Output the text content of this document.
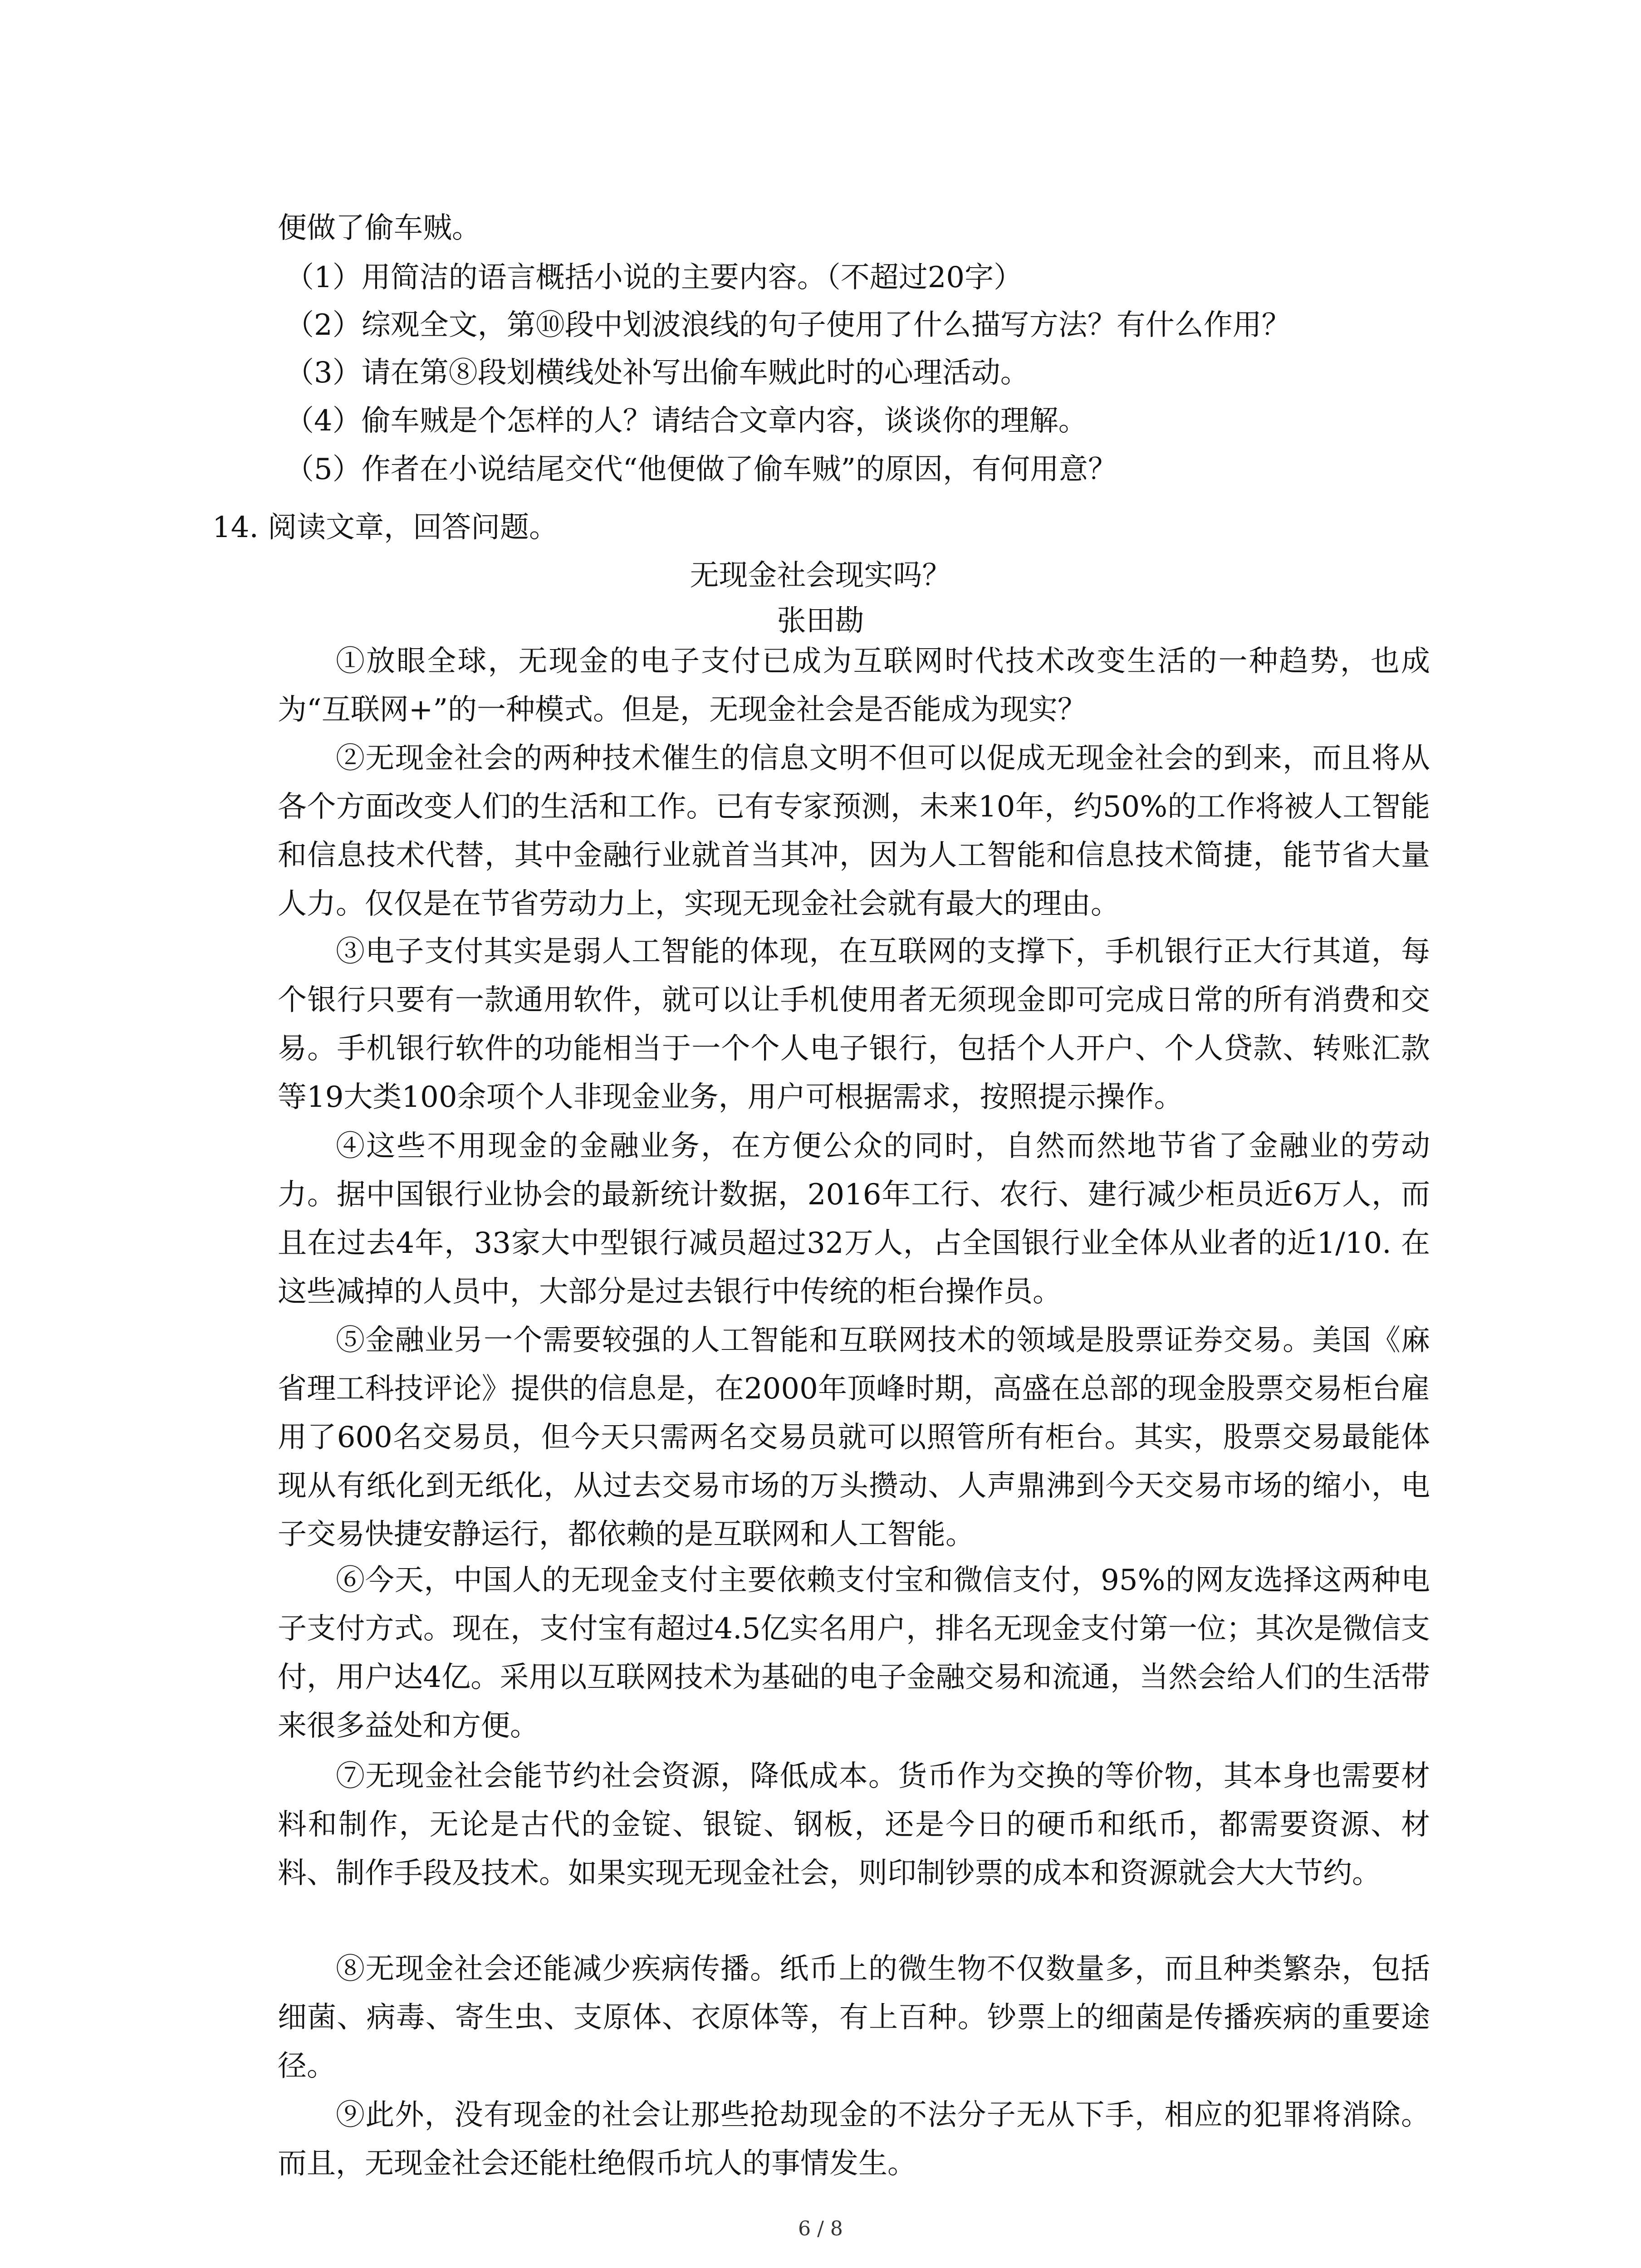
便做了偷车贼。
（1）用简洁的语言概括小说的主要内容。（不超过20字）
（2）综观全文，第⑩段中划波浪线的句子使用了什么描写方法？有什么作用？
（3）请在第⑧段划横线处补写出偷车贼此时的心理活动。
（4）偷车贼是个怎样的人？请结合文章内容，谈谈你的理解。
（5）作者在小说结尾交代“他便做了偷车贼”的原因，有何用意？
14. 阅读文章，回答问题。
无现金社会现实吗？
张田勘

①放眼全球，无现金的电子支付已成为互联网时代技术改变生活的一种趋势，也成为“互联网+”的一种模式。但是，无现金社会是否能成为现实？

②无现金社会的两种技术催生的信息文明不但可以促成无现金社会的到来，而且将从各个方面改变人们的生活和工作。已有专家预测，未来10年，约50%的工作将被人工智能和信息技术代替，其中金融行业就首当其冲，因为人工智能和信息技术简捷，能节省大量人力。仅仅是在节省劳动力上，实现无现金社会就有最大的理由。

③电子支付其实是弱人工智能的体现，在互联网的支撑下，手机银行正大行其道，每个银行只要有一款通用软件，就可以让手机使用者无须现金即可完成日常的所有消费和交易。手机银行软件的功能相当于一个个人电子银行，包括个人开户、个人贷款、转账汇款等19大类100余项个人非现金业务，用户可根据需求，按照提示操作。

④这些不用现金的金融业务，在方便公众的同时，自然而然地节省了金融业的劳动力。据中国银行业协会的最新统计数据，2016年工行、农行、建行减少柜员近6万人，而且在过去4年，33家大中型银行减员超过32万人，占全国银行业全体从业者的近1/10. 在这些减掉的人员中，大部分是过去银行中传统的柜台操作员。

⑤金融业另一个需要较强的人工智能和互联网技术的领域是股票证券交易。美国《麻省理工科技评论》提供的信息是，在2000年顶峰时期，高盛在总部的现金股票交易柜台雇用了600名交易员，但今天只需两名交易员就可以照管所有柜台。其实，股票交易最能体现从有纸化到无纸化，从过去交易市场的万头攒动、人声鼎沸到今天交易市场的缩小，电子交易快捷安静运行，都依赖的是互联网和人工智能。

⑥今天，中国人的无现金支付主要依赖支付宝和微信支付，95%的网友选择这两种电子支付方式。现在，支付宝有超过4.5亿实名用户，排名无现金支付第一位；其次是微信支付，用户达4亿。采用以互联网技术为基础的电子金融交易和流通，当然会给人们的生活带来很多益处和方便。

⑦无现金社会能节约社会资源，降低成本。货币作为交换的等价物，其本身也需要材料和制作，无论是古代的金锭、银锭、钢板，还是今日的硬币和纸币，都需要资源、材料、制作手段及技术。如果实现无现金社会，则印制钞票的成本和资源就会大大节约。

⑧无现金社会还能减少疾病传播。纸币上的微生物不仅数量多，而且种类繁杂，包括细菌、病毒、寄生虫、支原体、衣原体等，有上百种。钞票上的细菌是传播疾病的重要途径。

⑨此外，没有现金的社会让那些抢劫现金的不法分子无从下手，相应的犯罪将消除。而且，无现金社会还能杜绝假币坑人的事情发生。

6 / 8
